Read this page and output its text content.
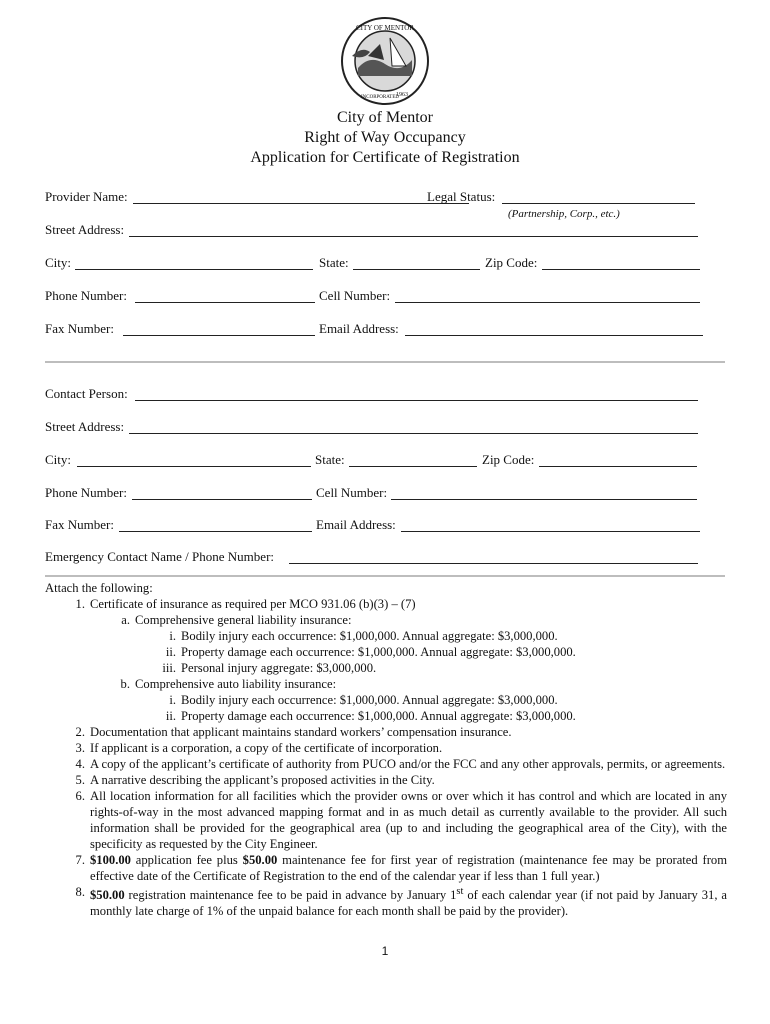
CITY OF MENTOR
INCORPORATED
1963
City of Mentor
Right of Way Occupancy
Application for Certificate of Registration
Provider Name:	Legal Status:
(Partnership, Corp., etc.)
Street Address:
City:	State:	Zip Code:
Phone Number:	Cell Number:
Fax Number:	Email Address:
Contact Person:
Street Address:
City:	State:	Zip Code:
Phone Number:	Cell Number:
Fax Number:	Email Address:
Emergency Contact Name / Phone Number:
Attach the following:
1. Certificate of insurance as required per MCO 931.06 (b)(3) – (7)
a. Comprehensive general liability insurance:
i. Bodily injury each occurrence: $1,000,000. Annual aggregate: $3,000,000.
ii. Property damage each occurrence: $1,000,000. Annual aggregate: $3,000,000.
iii. Personal injury aggregate: $3,000,000.
b. Comprehensive auto liability insurance:
i. Bodily injury each occurrence: $1,000,000. Annual aggregate: $3,000,000.
ii. Property damage each occurrence: $1,000,000. Annual aggregate: $3,000,000.
2. Documentation that applicant maintains standard workers’ compensation insurance.
3. If applicant is a corporation, a copy of the certificate of incorporation.
4. A copy of the applicant’s certificate of authority from PUCO and/or the FCC and any other approvals, permits, or agreements.
5. A narrative describing the applicant’s proposed activities in the City.
6. All location information for all facilities which the provider owns or over which it has control and which are located in any rights-of-way in the most advanced mapping format and in as much detail as currently available to the provider. All such information shall be provided for the geographical area (up to and including the geographical area of the City), with the specificity as requested by the City Engineer.
7. $100.00 application fee plus $50.00 maintenance fee for first year of registration (maintenance fee may be prorated from effective date of the Certificate of Registration to the end of the calendar year if less than 1 full year.)
8. $50.00 registration maintenance fee to be paid in advance by January 1st of each calendar year (if not paid by January 31, a monthly late charge of 1% of the unpaid balance for each month shall be paid by the provider).
1
